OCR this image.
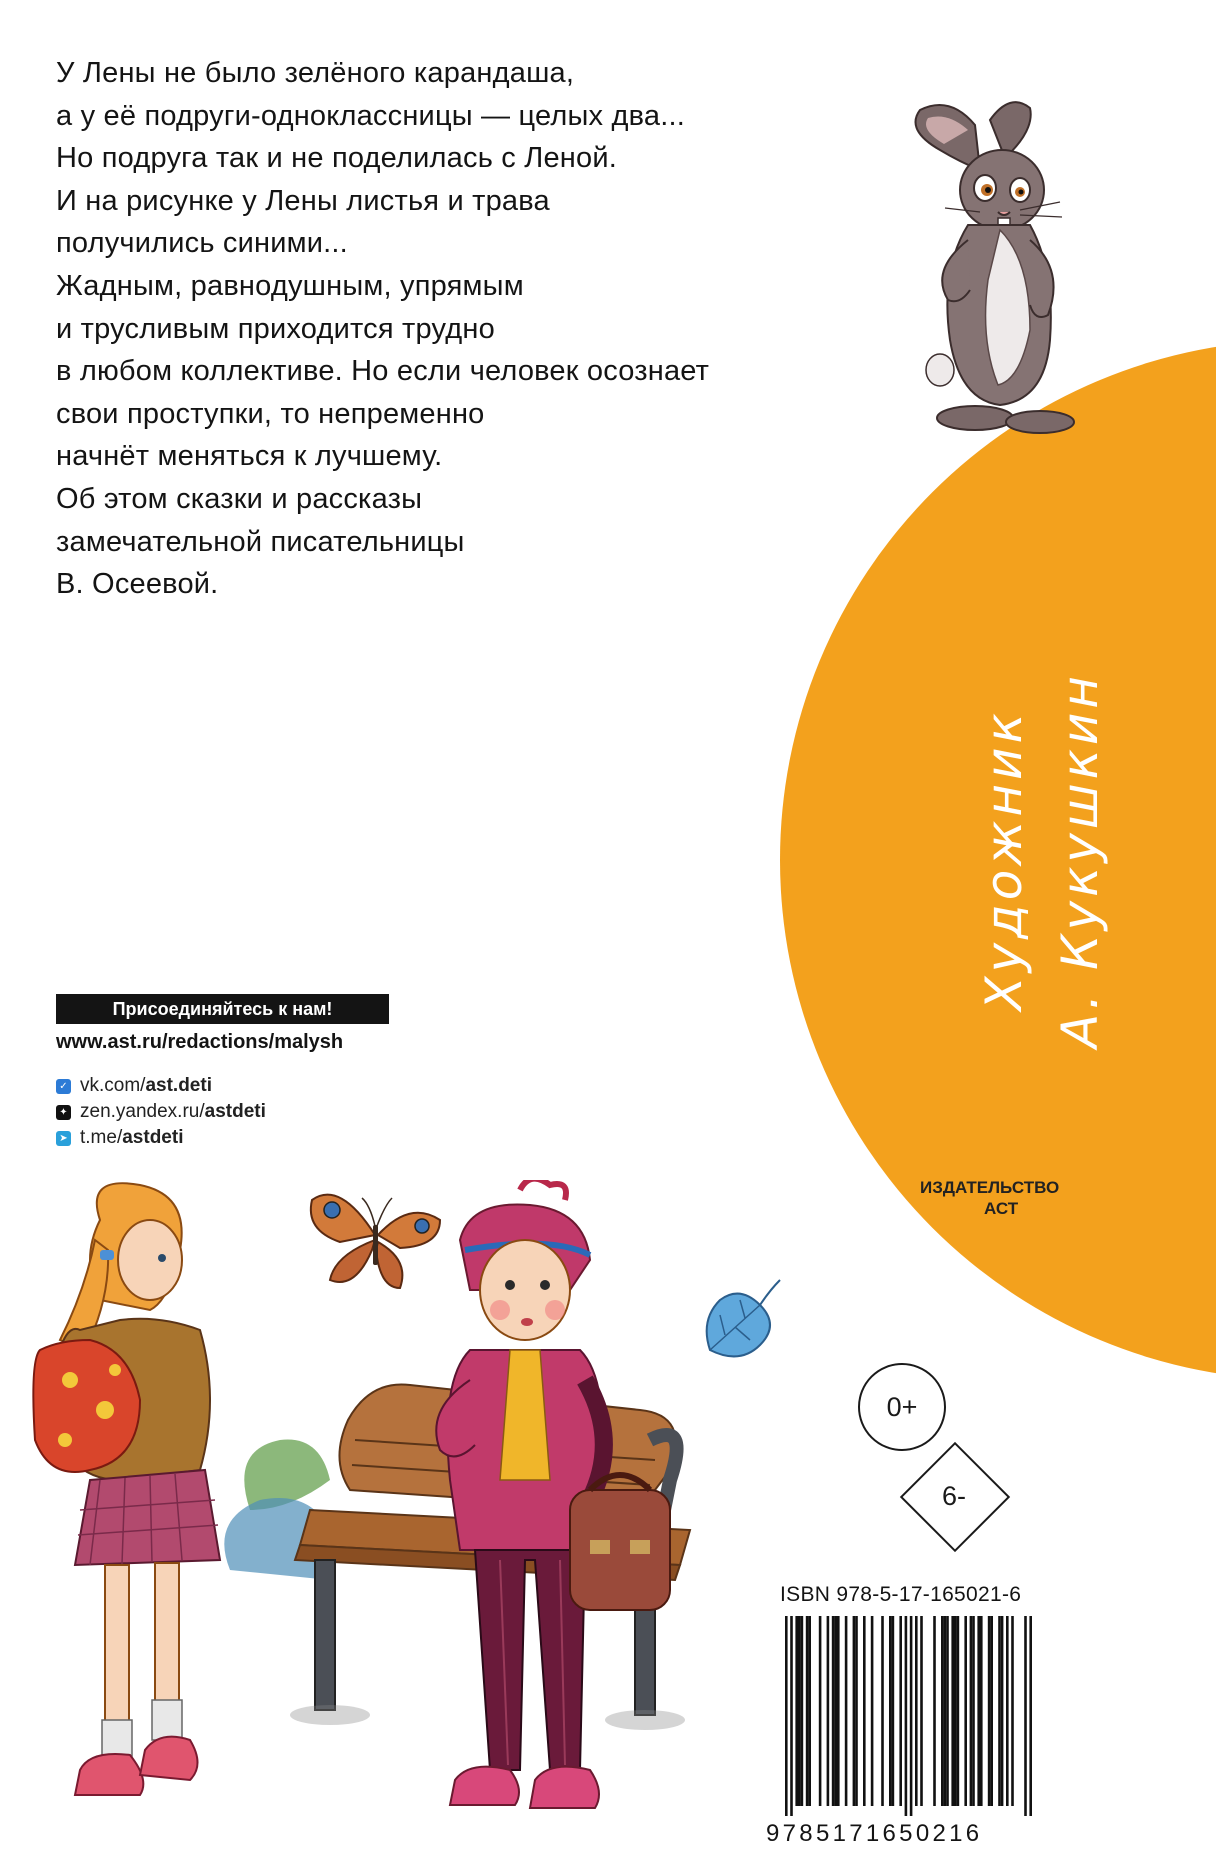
У Лены не было зелёного карандаша,
а у её подруги-одноклассницы — целых два...
Но подруга так и не поделилась с Леной.
И на рисунке у Лены листья и трава
получились синими...
Жадным, равнодушным, упрямым
и трусливым приходится трудно
в любом коллективе. Но если человек осознает
свои проступки, то непременно
начнёт меняться к лучшему.
Об этом сказки и рассказы
замечательной писательницы
В. Осеевой.
Художник А. Кукушкин
ИЗДАТЕЛЬСТВО
АСТ
Присоединяйтесь к нам!
www.ast.ru/redactions/malysh
✓ vk.com/ ast.deti
✦ zen.yandex.ru/ astdeti
➤ t.me/ astdeti
0+
6-
ISBN 978-5-17-165021-6
9785171650216
